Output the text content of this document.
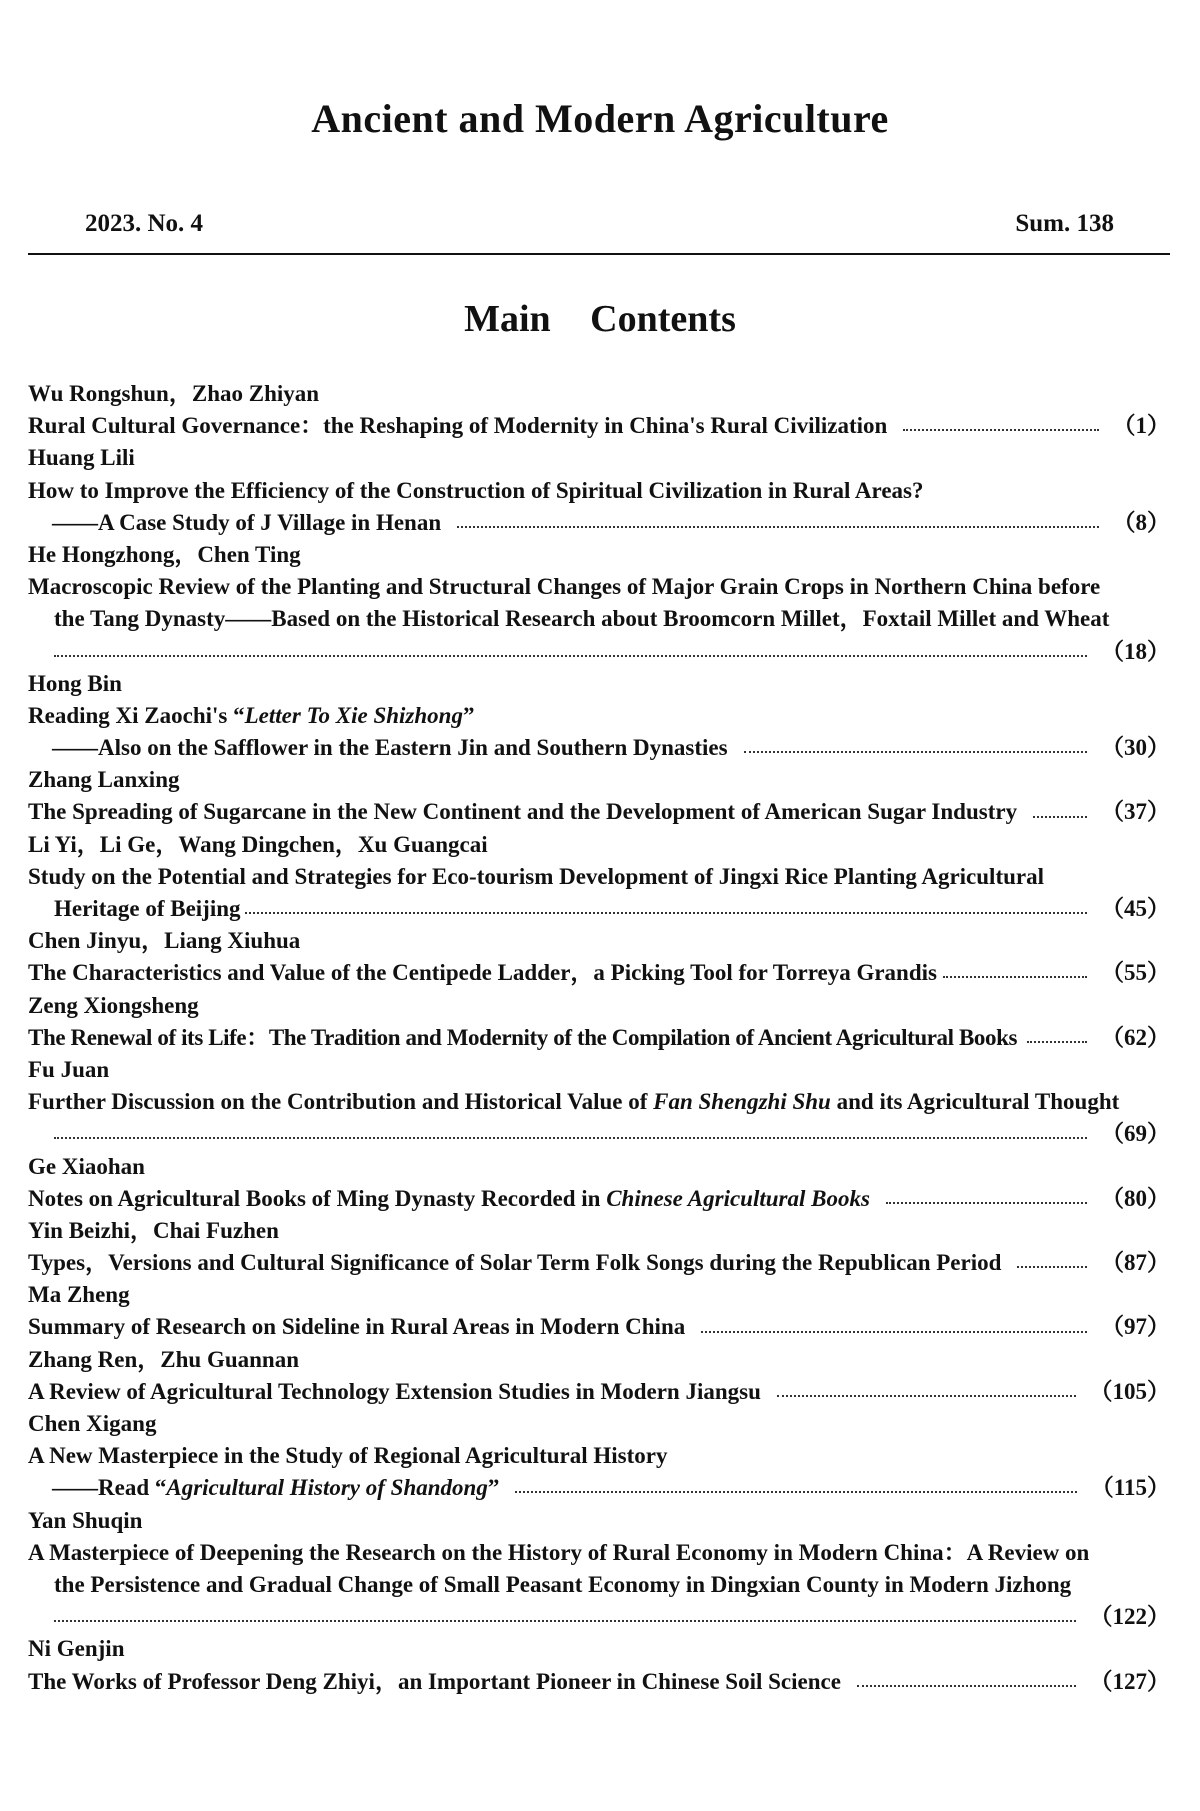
Ancient and Modern Agriculture
2023. No. 4	Sum. 138
Main Contents
Wu Rongshun，Zhao Zhiyan
Rural Cultural Governance：the Reshaping of Modernity in China's Rural Civilization	（1）
Huang Lili
How to Improve the Efficiency of the Construction of Spiritual Civilization in Rural Areas?
——A Case Study of J Village in Henan	（8）
He Hongzhong，Chen Ting
Macroscopic Review of the Planting and Structural Changes of Major Grain Crops in Northern China before
the Tang Dynasty——Based on the Historical Research about Broomcorn Millet，Foxtail Millet and Wheat
（18）
Hong Bin
Reading Xi Zaochi's “Letter To Xie Shizhong”
——Also on the Safflower in the Eastern Jin and Southern Dynasties	（30）
Zhang Lanxing
The Spreading of Sugarcane in the New Continent and the Development of American Sugar Industry	（37）
Li Yi，Li Ge，Wang Dingchen，Xu Guangcai
Study on the Potential and Strategies for Eco-tourism Development of Jingxi Rice Planting Agricultural
Heritage of Beijing	（45）
Chen Jinyu，Liang Xiuhua
The Characteristics and Value of the Centipede Ladder，a Picking Tool for Torreya Grandis	（55）
Zeng Xiongsheng
The Renewal of its Life：The Tradition and Modernity of the Compilation of Ancient Agricultural Books	（62）
Fu Juan
Further Discussion on the Contribution and Historical Value of Fan Shengzhi Shu and its Agricultural Thought
（69）
Ge Xiaohan
Notes on Agricultural Books of Ming Dynasty Recorded in Chinese Agricultural Books	（80）
Yin Beizhi，Chai Fuzhen
Types，Versions and Cultural Significance of Solar Term Folk Songs during the Republican Period	（87）
Ma Zheng
Summary of Research on Sideline in Rural Areas in Modern China	（97）
Zhang Ren，Zhu Guannan
A Review of Agricultural Technology Extension Studies in Modern Jiangsu	（105）
Chen Xigang
A New Masterpiece in the Study of Regional Agricultural History
——Read “Agricultural History of Shandong”	（115）
Yan Shuqin
A Masterpiece of Deepening the Research on the History of Rural Economy in Modern China：A Review on
the Persistence and Gradual Change of Small Peasant Economy in Dingxian County in Modern Jizhong
（122）
Ni Genjin
The Works of Professor Deng Zhiyi，an Important Pioneer in Chinese Soil Science	（127）
